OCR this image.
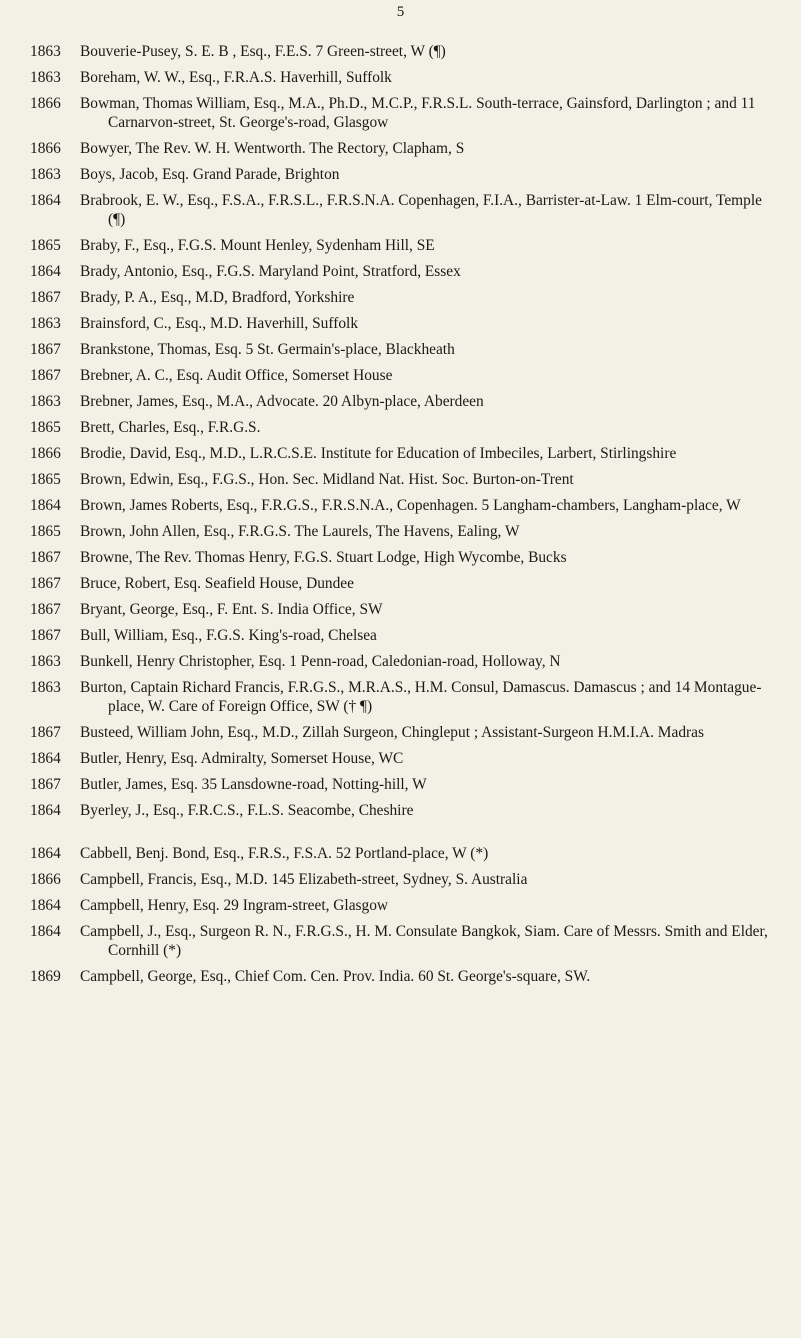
5
1863	Bouverie-Pusey, S. E. B , Esq., F.E.S. 7 Green-street, W (¶)
1863	Boreham, W. W., Esq., F.R.A.S. Haverhill, Suffolk
1866	Bowman, Thomas William, Esq., M.A., Ph.D., M.C.P., F.R.S.L. South-terrace, Gainsford, Darlington ; and 11 Carnarvon-street, St. George's-road, Glasgow
1866	Bowyer, The Rev. W. H. Wentworth. The Rectory, Clapham, S
1863	Boys, Jacob, Esq. Grand Parade, Brighton
1864	Brabrook, E. W., Esq., F.S.A., F.R.S.L., F.R.S.N.A. Copenhagen, F.I.A., Barrister-at-Law. 1 Elm-court, Temple (¶)
1865	Braby, F., Esq., F.G.S. Mount Henley, Sydenham Hill, SE
1864	Brady, Antonio, Esq., F.G.S. Maryland Point, Stratford, Essex
1867	Brady, P. A., Esq., M.D, Bradford, Yorkshire
1863	Brainsford, C., Esq., M.D. Haverhill, Suffolk
1867	Brankstone, Thomas, Esq. 5 St. Germain's-place, Blackheath
1867	Brebner, A. C., Esq. Audit Office, Somerset House
1863	Brebner, James, Esq., M.A., Advocate. 20 Albyn-place, Aberdeen
1865	Brett, Charles, Esq., F.R.G.S.
1866	Brodie, David, Esq., M.D., L.R.C.S.E. Institute for Education of Imbeciles, Larbert, Stirlingshire
1865	Brown, Edwin, Esq., F.G.S., Hon. Sec. Midland Nat. Hist. Soc. Burton-on-Trent
1864	Brown, James Roberts, Esq., F.R.G.S., F.R.S.N.A., Copenhagen. 5 Langham-chambers, Langham-place, W
1865	Brown, John Allen, Esq., F.R.G.S. The Laurels, The Havens, Ealing, W
1867	Browne, The Rev. Thomas Henry, F.G.S. Stuart Lodge, High Wycombe, Bucks
1867	Bruce, Robert, Esq. Seafield House, Dundee
1867	Bryant, George, Esq., F. Ent. S. India Office, SW
1867	Bull, William, Esq., F.G.S. King's-road, Chelsea
1863	Bunkell, Henry Christopher, Esq. 1 Penn-road, Caledonian-road, Holloway, N
1863	Burton, Captain Richard Francis, F.R.G.S., M.R.A.S., H.M. Consul, Damascus. Damascus ; and 14 Montague-place, W. Care of Foreign Office, SW († ¶)
1867	Busteed, William John, Esq., M.D., Zillah Surgeon, Chingleput ; Assistant-Surgeon H.M.I.A. Madras
1864	Butler, Henry, Esq. Admiralty, Somerset House, WC
1867	Butler, James, Esq. 35 Lansdowne-road, Notting-hill, W
1864	Byerley, J., Esq., F.R.C.S., F.L.S. Seacombe, Cheshire
1864	Cabbell, Benj. Bond, Esq., F.R.S., F.S.A. 52 Portland-place, W (*)
1866	Campbell, Francis, Esq., M.D. 145 Elizabeth-street, Sydney, S. Australia
1864	Campbell, Henry, Esq. 29 Ingram-street, Glasgow
1864	Campbell, J., Esq., Surgeon R. N., F.R.G.S., H. M. Consulate Bangkok, Siam. Care of Messrs. Smith and Elder, Cornhill (*)
1869	Campbell, George, Esq., Chief Com. Cen. Prov. India. 60 St. George's-square, SW.
